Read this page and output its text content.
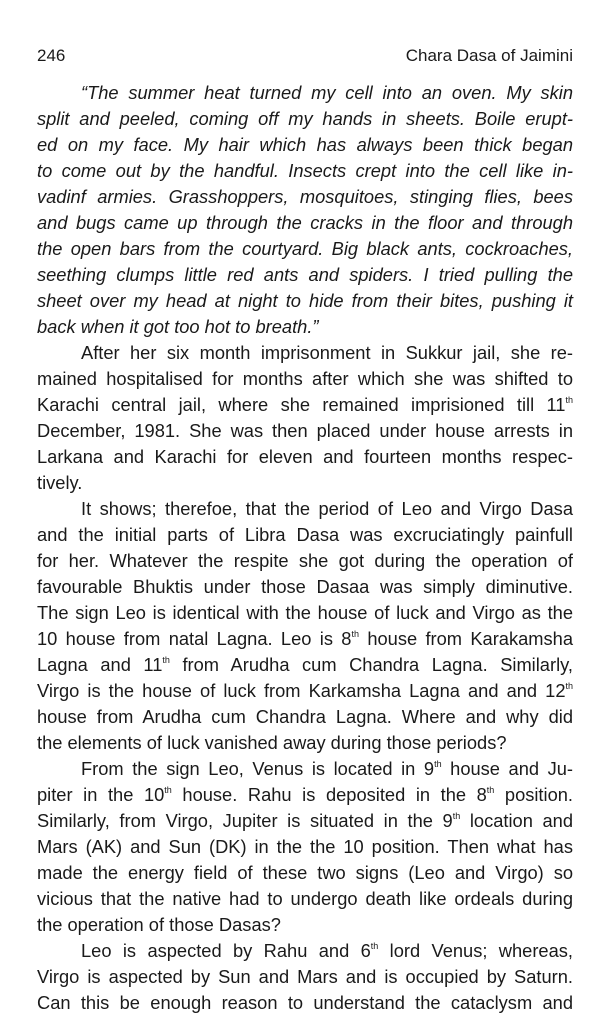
246	Chara Dasa of Jaimini
“The summer heat turned my cell into an oven. My skin
split and peeled, coming off my hands in sheets. Boile erupt-
ed on my face. My hair which has always been thick began
to come out by the handful. Insects crept into the cell like in-
vadinf armies. Grasshoppers, mosquitoes, stinging flies, bees
and bugs came up through the cracks in the floor and through
the open bars from the courtyard. Big black ants, cockroaches,
seething clumps little red ants and spiders. I tried pulling the
sheet over my head at night to hide from their bites, pushing it
back when it got too hot to breath.”
After her six month imprisonment in Sukkur jail, she re-
mained hospitalised for months after which she was shifted to
Karachi central jail, where she remained imprisioned till 11th
December, 1981. She was then placed under house arrests in
Larkana and Karachi for eleven and fourteen months respec-
tively.
It shows; therefoe, that the period of Leo and Virgo Dasa
and the initial parts of Libra Dasa was excruciatingly painfull
for her. Whatever the respite she got during the operation of
favourable Bhuktis under those Dasaa was simply diminutive.
The sign Leo is identical with the house of luck and Virgo as the
10 house from natal Lagna. Leo is 8th house from Karakamsha
Lagna and 11th from Arudha cum Chandra Lagna. Similarly,
Virgo is the house of luck from Karkamsha Lagna and and 12th
house from Arudha cum Chandra Lagna. Where and why did
the elements of luck vanished away during those periods?
From the sign Leo, Venus is located in 9th house and Ju-
piter in the 10th house. Rahu is deposited in the 8th position.
Similarly, from Virgo, Jupiter is situated in the 9th location and
Mars (AK) and Sun (DK) in the the 10 position. Then what has
made the energy field of these two signs (Leo and Virgo) so
vicious that the native had to undergo death like ordeals during
the operation of those Dasas?
Leo is aspected by Rahu and 6th lord Venus; whereas,
Virgo is aspected by Sun and Mars and is occupied by Saturn.
Can this be enough reason to understand the cataclysm and
